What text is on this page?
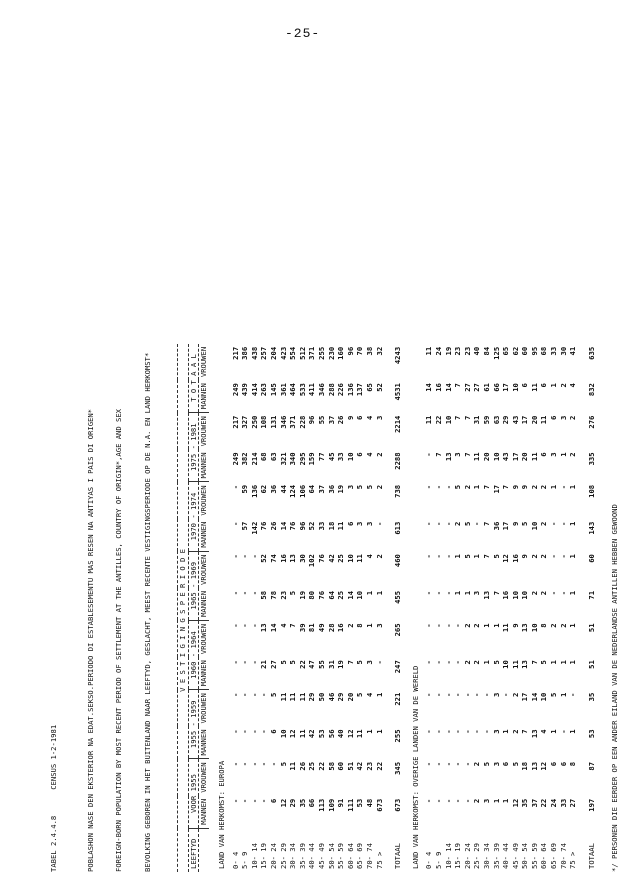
-25-

TABEL 2.4.4.8      CENSUS 1-2-1981

	POBLASHON NASE DEN EKSTERIOR NA EDAT.SEKSO.PERIODO DI ESTABLESEMENTU MAS RESEN NA ANTIYAS I PAIS DI ORIGEN*

	FOREIGN-BORN POPULATION BY MOST RECENT PERIOD OF SETTLEMENT AT THE ANTILLES, COUNTRY OF ORIGIN*,AGE AND SEX

	BEVOLKING GEBOREN IN HET BUITENLAND NAAR LEEFTYD, GESLACHT, MEEST RECENTE VESTIGINGSPERIODE OP DE N.A. EN LAND HERKOMST*

		V E S T I G I N G S P E R I O D E													
LEEFTYD	VOOR 1955		1955 - 1959		1960 - 1964		1965 - 1969		1970 - 1974		1975 - 1981		T O T A A L	
	MANNEN	VROUWEN	MANNEN	VROUWEN	MANNEN	VROUWEN	MANNEN	VROUWEN	MANNEN	VROUWEN	MANNEN	VROUWEN	MANNEN	VROUWEN
LAND VAN HERKOMST: EUROPA														
0- 4	-	-	-	-	-	-	-	-	-	-	249	217	249	217
5- 9	-	-	-	-	-	-	-	-	57	59	382	327	439	386
10- 14	-	-	-	-	-	-	-	-	142	136	214	250	414	438
15- 19	-	-	-	-	21	13	58	52	76	62	68	108	263	257
20- 24	6	-	6	5	27	14	78	74	26	36	63	131	145	204
25- 29	12	5	10	11	5	4	23	16	14	44	321	346	361	423
30- 34	29	11	12	11	5	7	5	13	76	124	340	371	464	554
35- 39	35	26	11	11	22	39	19	30	96	106	295	228	533	512
40- 44	66	25	42	29	47	81	80	102	52	64	159	96	411	371
45- 49	113	22	53	50	55	49	76	76	33	37	77	55	346	255
50- 54	109	58	56	46	31	28	64	42	18	36	45	37	288	230
55- 59	91	60	40	29	19	16	25	25	11	19	33	26	226	160
60- 64	111	51	12	20	7	2	14	10	6	3	10	9	136	96
65- 69	53	42	11	5	5	8	10	11	3	5	6	6	137	70
70- 74	48	23	1	4	3	1	1	4	3	5	4	4	65	38
75 >	673	22	1	1	-	3	1	2	-	2	2	3	52	32
TOTAAL	673	345	255	221	247	265	455	460	613	738	2288	2214	4531	4243
LAND VAN HERKOMST: OVERIGE LANDEN VAN DE WERELD														
0- 4	-	-	-	-	-	-	-	-	-	-	-	11	14	11
5- 9	-	-	-	-	-	-	-	-	-	-	7	22	16	24
10- 14	-	-	-	-	-	-	-	-	-	-	13	10	14	19
15- 19	-	-	-	-	-	-	1	1	2	5	3	7	7	23
20- 24	-	-	-	-	2	2	1	5	5	2	7	7	27	23
25- 29	2	2	-	-	2	2	3	1	-	1	11	31	27	40
30- 34	3	5	-	-	1	1	13	7	7	7	20	59	61	84
35- 39	1	3	3	3	5	1	7	5	36	17	10	63	66	125
40- 44	1	6	1	-	10	11	16	12	17	7	43	29	17	65
45- 49	12	5	2	2	11	9	10	16	9	9	17	43	10	62
50- 54	35	18	7	17	13	13	10	9	5	9	20	17	6	60
55- 59	37	13	13	14	7	10	2	2	10	2	11	20	11	95
60- 64	22	12	4	10	5	8	2	2	2	2	6	11	6	68
65- 69	24	6	1	5	1	2	-	-	-	1	3	6	1	33
70- 74	33	6	-	1	1	2	-	-	-	-	1	3	2	30
75 >	27	8	1	-	1	1	1	1	1	1	2	2	4	41
TOTAAL	197	87	53	35	51	51	71	60	143	108	335	276	832	635
*/ PERSONEN DIE EERDER OP EEN ANDER EILAND VAN DE NEDERLANDSE ANTILLEN HEBBEN GEWOOND
